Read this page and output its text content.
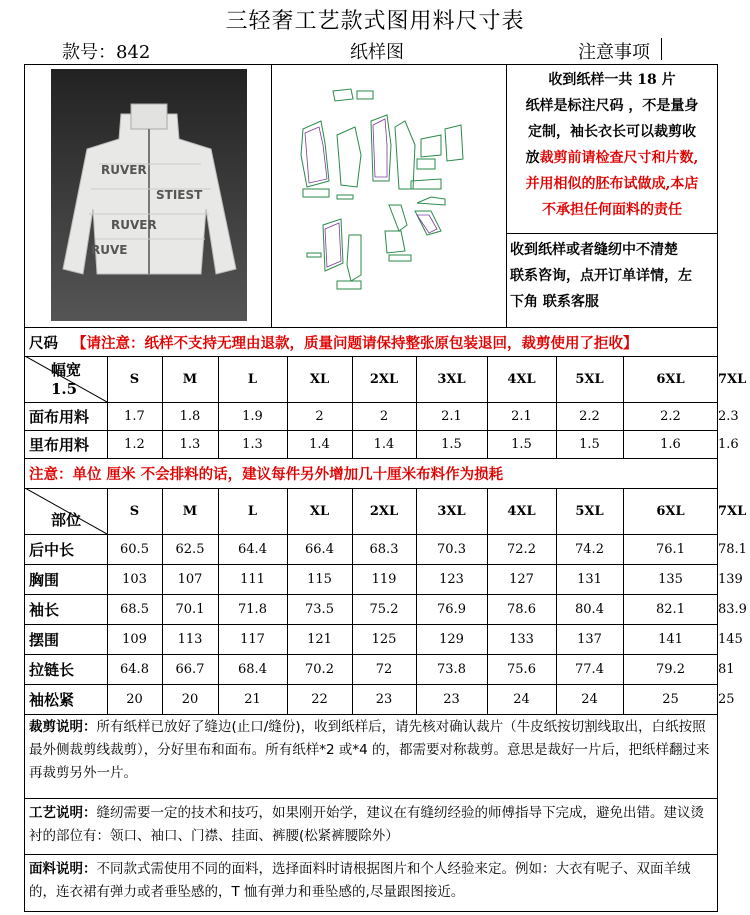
三轻奢工艺款式图用料尺寸表
款号：842	纸样图	注意事项
RUVER
RUVER
STIEST
RUVE
收到纸样一共 18 片
纸样是标注尺码 ，不是量身
定制，袖长衣长可以裁剪收
放裁剪前请检查尺寸和片数,
并用相似的胚布试做成,本店
不承担任何面料的责任
收到纸样或者缝纫中不清楚
联系咨询，点开订单详情，左
下角 联系客服
尺码 【请注意：纸样不支持无理由退款，质量问题请保持整张原包装退回，裁剪使用了拒收】
幅宽 1.5
S	M	L	XL	2XL	3XL	4XL	5XL	6XL	7XL
面布用料	1.7	1.8	1.9	2	2	2.1	2.1	2.2	2.2	2.3
里布用料	1.2	1.3	1.3	1.4	1.4	1.5	1.5	1.5	1.6	1.6
注意：单位 厘米 不会排料的话，建议每件另外增加几十厘米布料作为损耗
部位	S	M	L	XL	2XL	3XL	4XL	5XL	6XL	7XL
后中长	60.5	62.5	64.4	66.4	68.3	70.3	72.2	74.2	76.1	78.1
胸围	103	107	111	115	119	123	127	131	135	139
袖长	68.5	70.1	71.8	73.5	75.2	76.9	78.6	80.4	82.1	83.9
摆围	109	113	117	121	125	129	133	137	141	145
拉链长	64.8	66.7	68.4	70.2	72	73.8	75.6	77.4	79.2	81
袖松紧	20	20	21	22	23	23	24	24	25	25
裁剪说明：所有纸样已放好了缝边(止口/缝份)，收到纸样后，请先核对确认裁片（牛皮纸按切割线取出，白纸按照最外侧裁剪线裁剪），分好里布和面布。所有纸样*2 或*4 的，都需要对称裁剪。意思是裁好一片后，把纸样翻过来再裁剪另外一片。
工艺说明：缝纫需要一定的技术和技巧，如果刚开始学，建议在有缝纫经验的师傅指导下完成，避免出错。建议烫衬的部位有：领口、袖口、门襟、挂面、裤腰(松紧裤腰除外）
面料说明：不同款式需使用不同的面料，选择面料时请根据图片和个人经验来定。例如：大衣有呢子、双面羊绒的，连衣裙有弹力或者垂坠感的，T 恤有弹力和垂坠感的,尽量跟图接近。
